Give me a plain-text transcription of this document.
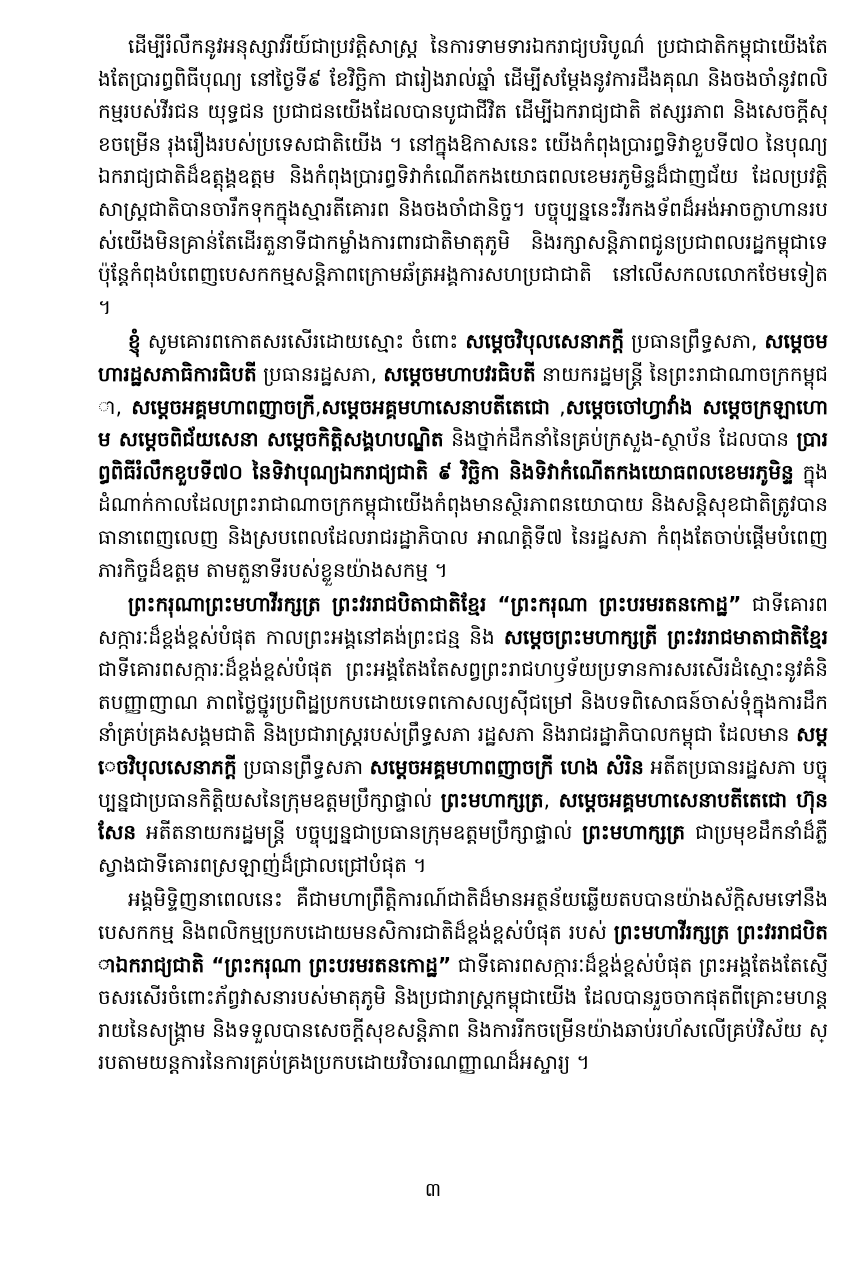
ដើម្បីរំលឹកនូវអនុស្សាវរីយ៍ជាប្រវត្តិសាស្ត្រ នៃការទាមទារឯករាជ្យបរិបូណ៌ ប្រជាជាតិកម្ពុជាយើងតែងតែប្រារព្ធពិធីបុណ្យ នៅថ្ងៃទី៩ ខែវិច្ឆិកា ជារៀងរាល់ឆ្នាំ ដើម្បីសម្តែងនូវការដឹងគុណ និងចងចាំនូវពលិកម្មរបស់វីរជន យុទ្ធជន ប្រជាជនយើងដែលបានបូជាជីវិត ដើម្បីឯករាជ្យជាតិ ឥស្សរភាព និងសេចក្តីសុខចម្រើន រុងរឿងរបស់ប្រទេសជាតិយើង ។ នៅក្នុងឱកាសនេះ យើងកំពុងប្រារព្ធទិវាខួបទី៧០ នៃបុណ្យឯករាជ្យជាតិដ៏ឧត្តុង្គឧត្តម និងកំពុងប្រារព្ធទិវាកំណើតកងយោធពលខេមរភូមិន្ទដ៏ជាញជ័យ ដែលប្រវត្តិសាស្ត្រជាតិបានចារឹកទុកក្នុងស្មារតីគោរព និងចងចាំជានិច្ច។ បច្ចុប្បន្ននេះវីរកងទ័ពដ៏អង់អាចក្លាហានរបស់យើងមិនគ្រាន់តែដើរតួនាទីជាកម្លាំងការពារជាតិមាតុភូមិ និងរក្សាសន្តិភាពជូនប្រជាពលរដ្ឋកម្ពុជាទេ ប៉ុន្តែកំពុងបំពេញបេសកកម្មសន្តិភាពក្រោមឆ័ត្រអង្គការសហប្រជាជាតិ នៅលើសកលលោកថែមទៀត ។

ខ្ញុំ សូមគោរពកោតសរសើរដោយស្មោះ ចំពោះ សម្តេចវិបុលសេនាភក្តី ប្រធានព្រឹទ្ធសភា, សម្តេចមហារដ្ឋសភាធិការធិបតី ប្រធានរដ្ឋសភា, សម្តេចមហាបវរធិបតី នាយករដ្ឋមន្ត្រី នៃព្រះរាជាណាចក្រកម្ពុជា, សម្តេចអគ្គមហាពញាចក្រី,សម្តេចអគ្គមហាសេនាបតីតេជោ ,សម្តេចចៅហ្វាវាំង សម្តេចក្រឡាហោម សម្តេចពិជ័យសេនា សម្តេចកិត្តិសង្គហបណ្ឌិត និងថ្នាក់ដឹកនាំនៃគ្រប់ក្រសួង-ស្ថាប័ន ដែលបាន ប្រារព្ធពិធីរំលឹកខួបទី៧០ នៃទិវាបុណ្យឯករាជ្យជាតិ ៩ វិច្ឆិកា និងទិវាកំណើតកងយោធពលខេមរភូមិន្ទ ក្នុងដំណាក់កាលដែលព្រះរាជាណាចក្រកម្ពុជាយើងកំពុងមានស្ថិរភាពនយោបាយ និងសន្តិសុខជាតិត្រូវបានធានាពេញលេញ និងស្របពេលដែលរាជរដ្ឋាភិបាល អាណត្តិទី៧ នៃរដ្ឋសភា កំពុងតែចាប់ផ្តើមបំពេញភារកិច្ចដ៏ឧត្តម តាមតួនាទីរបស់ខ្លួនយ៉ាងសកម្ម ។

ព្រះករុណាព្រះមហាវីរក្សត្រ ព្រះវររាជបិតាជាតិខ្មែរ “ព្រះករុណា ព្រះបរមរតនកោដ្ឋ” ជាទីគោរពសក្ការៈដ៏ខ្ពង់ខ្ពស់បំផុត កាលព្រះអង្គនៅគង់ព្រះជន្ម និង សម្តេចព្រះមហាក្សត្រី ព្រះវររាជមាតាជាតិខ្មែរ ជាទីគោរពសក្ការៈដ៏ខ្ពង់ខ្ពស់បំផុត ព្រះអង្គតែងតែសព្វព្រះរាជហឫទ័យប្រទានការសរសើរដំស្មោះនូវគំនិតបញ្ញាញាណ ភាពថ្លៃថ្នូរប្រពិដ្ឋប្រកបដោយទេពកោសល្យស៊ីជម្រៅ និងបទពិសោធន៍ចាស់ទុំក្នុងការដឹកនាំគ្រប់គ្រងសង្គមជាតិ និងប្រជារាស្ត្ររបស់ព្រឹទ្ធសភា រដ្ឋសភា និងរាជរដ្ឋាភិបាលកម្ពុជា ដែលមាន សម្តេចវិបុលសេនាភក្តី ប្រធានព្រឹទ្ធសភា សម្តេចអគ្គមហាពញាចក្រី ហេង សំរិន អតីតប្រធានរដ្ឋសភា បច្ចុប្បន្នជាប្រធានកិត្តិយសនៃក្រុមឧត្តមប្រឹក្សាផ្ទាល់ ព្រះមហាក្សត្រ, សម្តេចអគ្គមហាសេនាបតីតេជោ ហ៊ុន សែន អតីតនាយករដ្ឋមន្ត្រី បច្ចុប្បន្នជាប្រធានក្រុមឧត្តមប្រឹក្សាផ្ទាល់ ព្រះមហាក្សត្រ ជាប្រមុខដឹកនាំដ៏ភ្លឺស្វាងជាទីគោរពស្រឡាញ់ដ៏ជ្រាលជ្រៅបំផុត ។

អង្គមិទ្ទិញនាពេលនេះ គឺជាមហាព្រឹត្តិការណ៍ជាតិដ៏មានអត្ថន័យឆ្លើយតបបានយ៉ាងស័ក្តិសមទៅនឹងបេសកកម្ម និងពលិកម្មប្រកបដោយមនសិការជាតិដ៏ខ្ពង់ខ្ពស់បំផុត របស់ ព្រះមហាវីរក្សត្រ ព្រះវររាជបិតាឯករាជ្យជាតិ “ព្រះករុណា ព្រះបរមរតនកោដ្ឋ” ជាទីគោរពសក្ការៈដ៏ខ្ពង់ខ្ពស់បំផុត ព្រះអង្គតែងតែស្ញើចសរសើរចំពោះភ័ព្វវាសនារបស់មាតុភូមិ និងប្រជារាស្ត្រកម្ពុជាយើង ដែលបានរួចចាកផុតពីគ្រោះមហន្តរាយនៃសង្គ្រាម និងទទួលបានសេចក្តីសុខសន្តិភាព និងការរីកចម្រើនយ៉ាងឆាប់រហ័សលើគ្រប់វិស័យ ស្របតាមយន្តការនៃការគ្រប់គ្រងប្រកបដោយវិចារណញ្ញាណដ៏អស្ចារ្យ ។

៣
